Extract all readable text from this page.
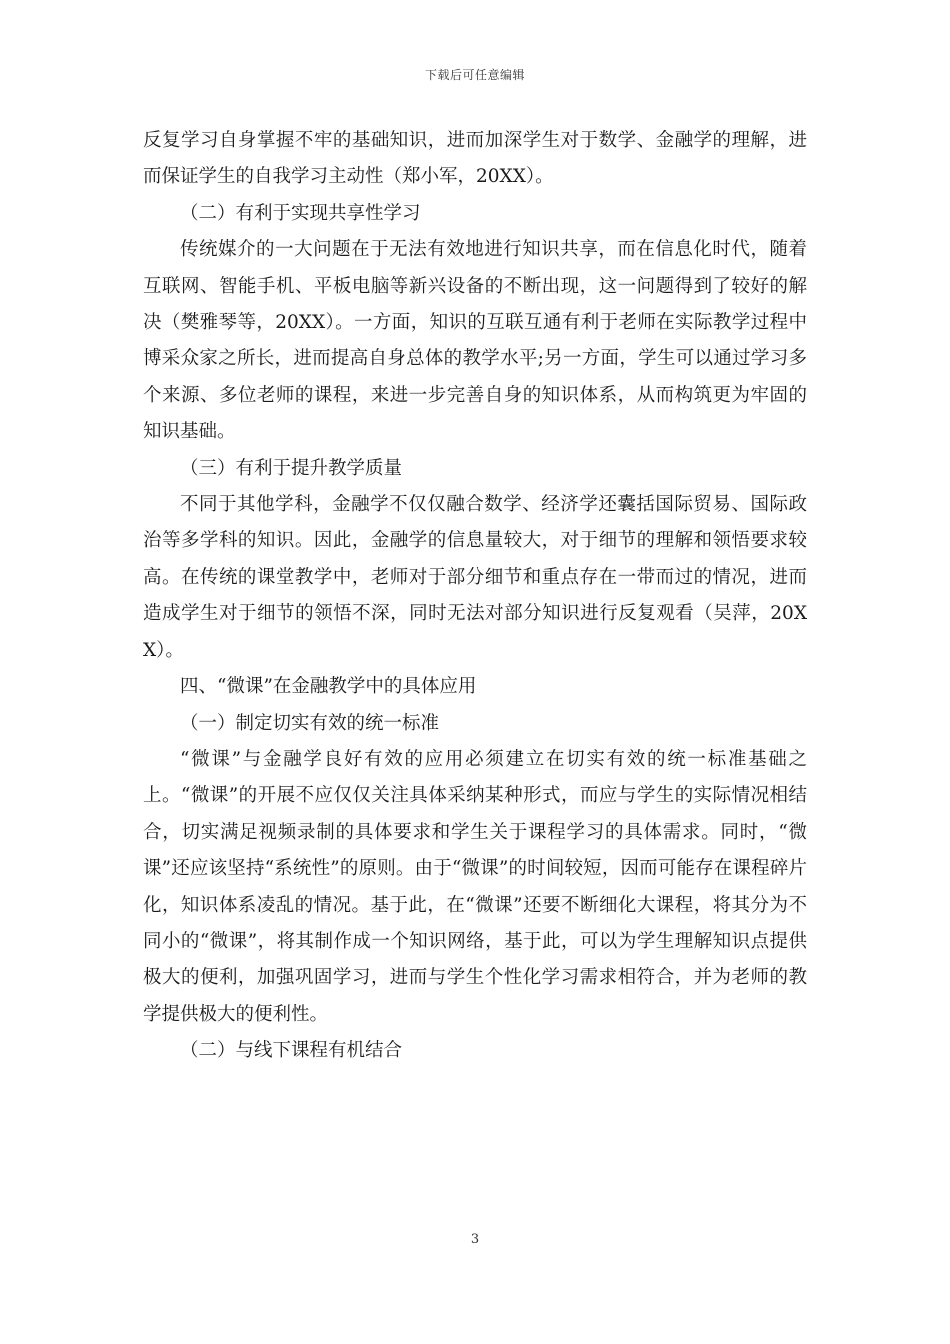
下载后可任意编辑

反复学习自身掌握不牢的基础知识，进而加深学生对于数学、金融学的理解，进而保证学生的自我学习主动性（郑小军，20XX）。

（二）有利于实现共享性学习

传统媒介的一大问题在于无法有效地进行知识共享，而在信息化时代，随着互联网、智能手机、平板电脑等新兴设备的不断出现，这一问题得到了较好的解决（樊雅琴等，20XX）。一方面，知识的互联互通有利于老师在实际教学过程中博采众家之所长，进而提高自身总体的教学水平;另一方面，学生可以通过学习多个来源、多位老师的课程，来进一步完善自身的知识体系，从而构筑更为牢固的知识基础。

（三）有利于提升教学质量

不同于其他学科，金融学不仅仅融合数学、经济学还囊括国际贸易、国际政治等多学科的知识。因此，金融学的信息量较大，对于细节的理解和领悟要求较高。在传统的课堂教学中，老师对于部分细节和重点存在一带而过的情况，进而造成学生对于细节的领悟不深，同时无法对部分知识进行反复观看（吴萍，20XX）。

四、“微课”在金融教学中的具体应用

（一）制定切实有效的统一标准

“微课”与金融学良好有效的应用必须建立在切实有效的统一标准基础之上。“微课”的开展不应仅仅关注具体采纳某种形式，而应与学生的实际情况相结合，切实满足视频录制的具体要求和学生关于课程学习的具体需求。同时，“微课”还应该坚持“系统性”的原则。由于“微课”的时间较短，因而可能存在课程碎片化，知识体系凌乱的情况。基于此，在“微课”还要不断细化大课程，将其分为不同小的“微课”，将其制作成一个知识网络，基于此，可以为学生理解知识点提供极大的便利，加强巩固学习，进而与学生个性化学习需求相符合，并为老师的教学提供极大的便利性。

（二）与线下课程有机结合

3
